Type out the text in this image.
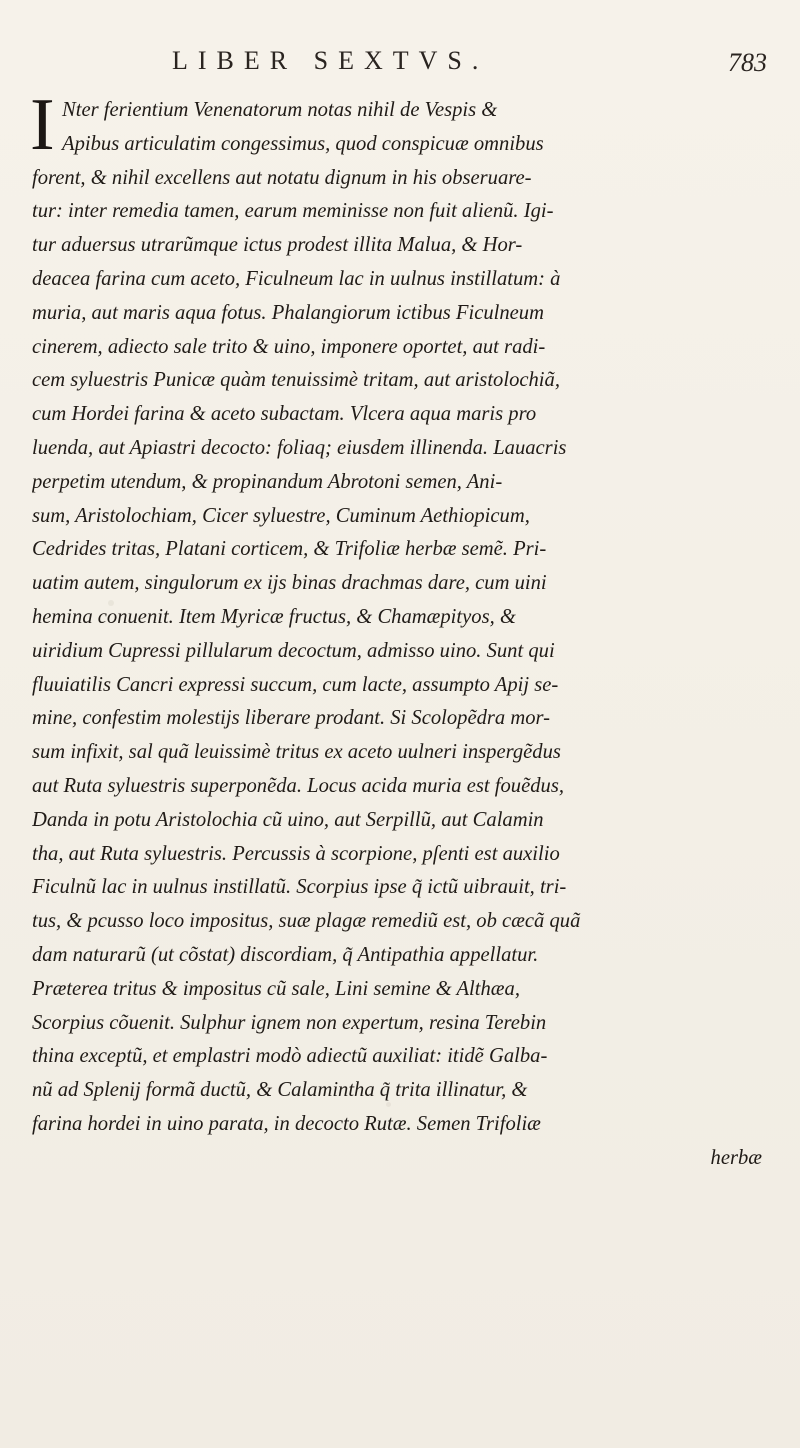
LIBER SEXTVS.	783
I Nter ferientium Venenatorum notas nihil de Vespis &
Apibus articulatim congessimus, quod conspicuæ omnibus
forent, & nihil excellens aut notatu dignum in his obseruare-
tur: inter remedia tamen, earum meminisse non fuit alienũ. Igi-
tur aduersus utrarũmque ictus prodest illita Malua, & Hor-
deacea farina cum aceto, Ficulneum lac in uulnus instillatum: à
muria, aut maris aqua fotus. Phalangiorum ictibus Ficulneum
cinerem, adiecto sale trito & uino, imponere oportet, aut radi-
cem syluestris Punicæ quàm tenuissimè tritam, aut aristolochiã,
cum Hordei farina & aceto subactam. Vlcera aqua maris pro
luenda, aut Apiastri decocto: foliaq; eiusdem illinenda. Lauacris
perpetim utendum, & propinandum Abrotoni semen, Ani-
sum, Aristolochiam, Cicer syluestre, Cuminum Aethiopicum,
Cedrides tritas, Platani corticem, & Trifoliæ herbæ semẽ. Pri-
uatim autem, singulorum ex ijs binas drachmas dare, cum uini
hemina conuenit. Item Myricæ fructus, & Chamæpityos, &
uiridium Cupressi pillularum decoctum, admisso uino. Sunt qui
fluuiatilis Cancri expressi succum, cum lacte, assumpto Apij se-
mine, confestim molestijs liberare prodant. Si Scolopẽdra mor-
sum infixit, sal quã leuissimè tritus ex aceto uulneri inspergẽdus
aut Ruta syluestris superponẽda. Locus acida muria est fouẽdus,
Danda in potu Aristolochia cũ uino, aut Serpillũ, aut Calamin
tha, aut Ruta syluestris. Percussis à scorpione, pſenti est auxilio
Ficulnũ lac in uulnus instillatũ. Scorpius ipse q̃ ictũ uibrauit, tri-
tus, & pcusso loco impositus, suæ plagæ remediũ est, ob cæcã quã
dam naturarũ (ut cõstat) discordiam, q̃ Antipathia appellatur.
Præterea tritus & impositus cũ sale, Lini semine & Althæa,
Scorpius cõuenit. Sulphur ignem non expertum, resina Terebin
thina exceptũ, et emplastri modò adiectũ auxiliat: itidẽ Galba-
nũ ad Splenij formã ductũ, & Calamintha q̃ trita illinatur, &
farina hordei in uino parata, in decocto Rutæ. Semen Trifoliæ
herbæ
